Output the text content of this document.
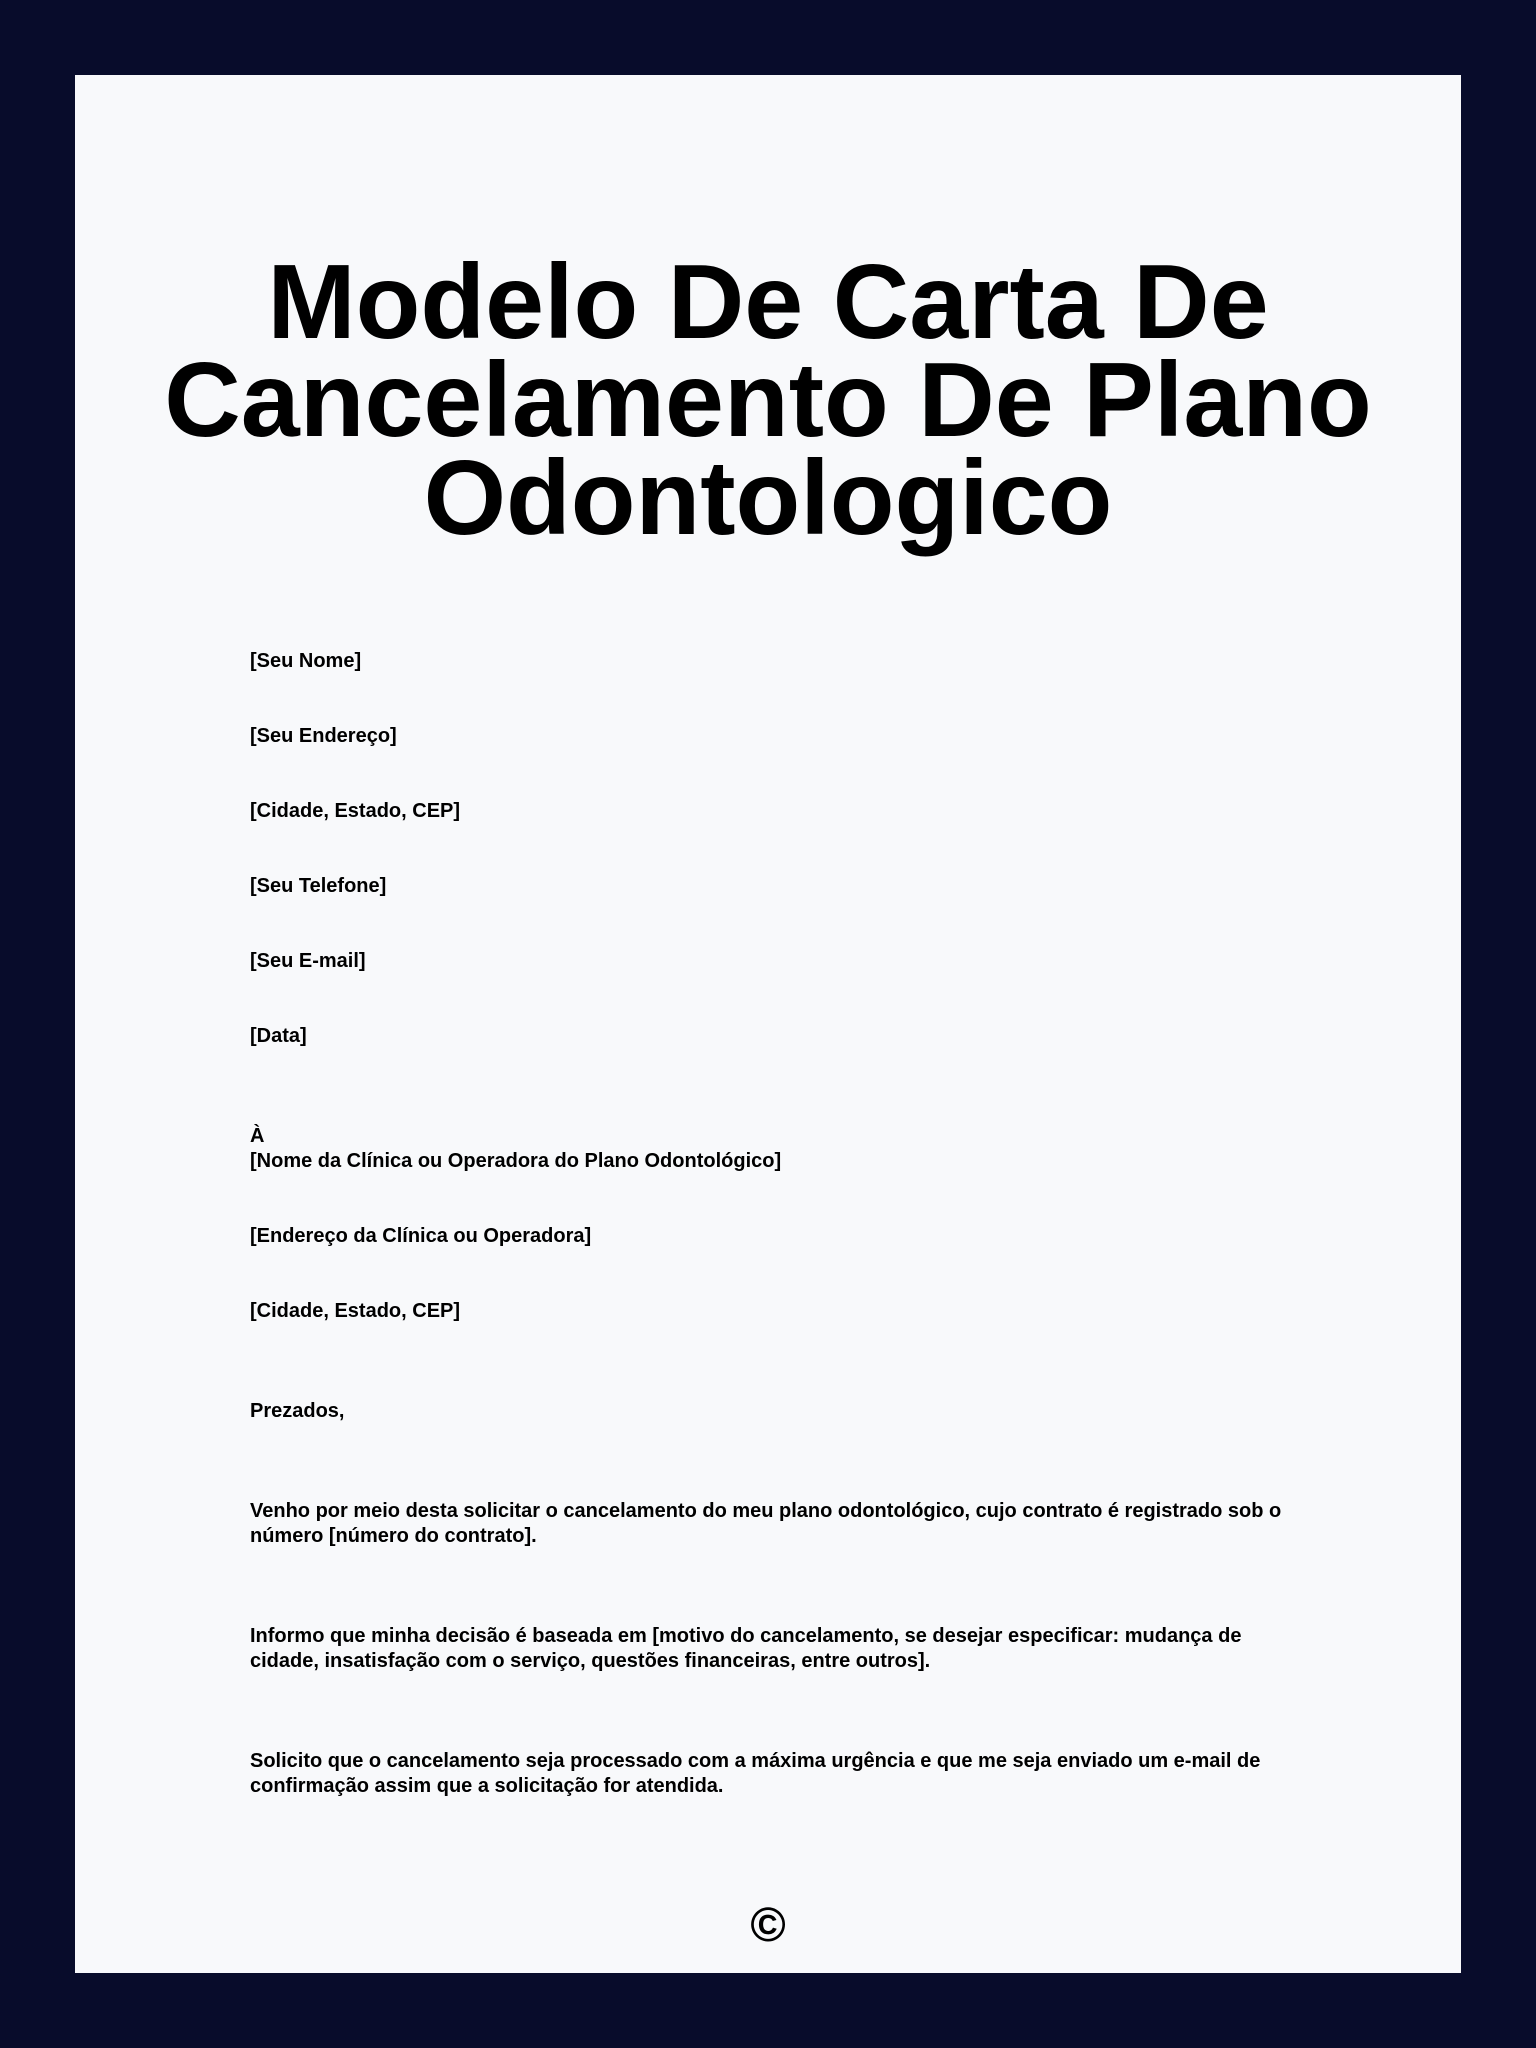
Modelo De Carta De Cancelamento De Plano Odontologico

[Seu Nome]

[Seu Endereço]

[Cidade, Estado, CEP]

[Seu Telefone]

[Seu E-mail]

[Data]

À

[Nome da Clínica ou Operadora do Plano Odontológico]

[Endereço da Clínica ou Operadora]

[Cidade, Estado, CEP]

Prezados,

Venho por meio desta solicitar o cancelamento do meu plano odontológico, cujo contrato é registrado sob o número [número do contrato].

Informo que minha decisão é baseada em [motivo do cancelamento, se desejar especificar: mudança de cidade, insatisfação com o serviço, questões financeiras, entre outros].

Solicito que o cancelamento seja processado com a máxima urgência e que me seja enviado um e-mail de confirmação assim que a solicitação for atendida.

©
